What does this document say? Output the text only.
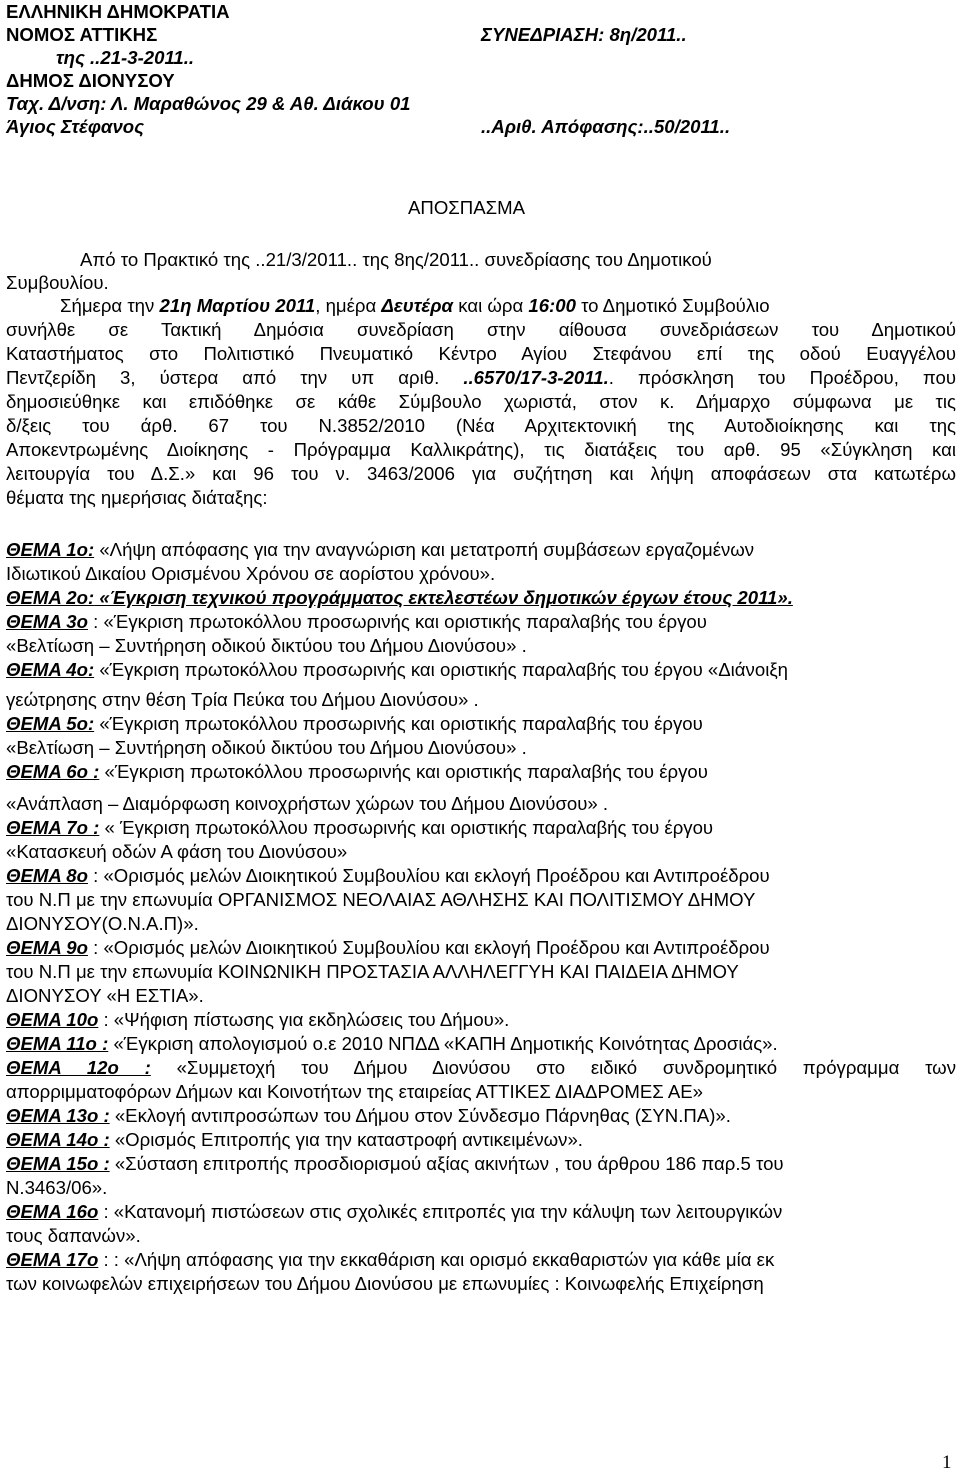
ΕΛΛΗΝΙΚΗ ΔΗΜΟΚΡΑΤΙΑ
ΝΟΜΟΣ ΑΤΤΙΚΗΣ	ΣΥΝΕΔΡΙΑΣΗ: 8η/2011..
της ..21-3-2011..
ΔΗΜΟΣ ΔΙΟΝΥΣΟΥ
Ταχ. Δ/νση: Λ. Μαραθώνος 29 & Αθ. Διάκου 01
Άγιος Στέφανος	..Αριθ. Απόφασης:..50/2011..
ΑΠΟΣΠΑΣΜΑ
Από το Πρακτικό της ..21/3/2011.. της 8ης/2011.. συνεδρίασης του Δημοτικού
Συμβουλίου.
Σήμερα την 21η Μαρτίου 2011, ημέρα Δευτέρα και ώρα 16:00 το Δημοτικό Συμβούλιο
συνήλθε σε Τακτική Δημόσια συνεδρίαση στην αίθουσα συνεδριάσεων του Δημοτικού
Καταστήματος στο Πολιτιστικό Πνευματικό Κέντρο Αγίου Στεφάνου επί της οδού Ευαγγέλου
Πεντζερίδη 3, ύστερα από την υπ αριθ. ..6570/17-3-2011.. πρόσκληση του Προέδρου, που
δημοσιεύθηκε και επιδόθηκε σε κάθε Σύμβουλο χωριστά, στον κ. Δήμαρχο σύμφωνα με τις
δ/ξεις του άρθ. 67 του Ν.3852/2010 (Νέα Αρχιτεκτονική της Αυτοδιοίκησης και της
Αποκεντρωμένης Διοίκησης - Πρόγραμμα Καλλικράτης), τις διατάξεις του αρθ. 95 «Σύγκληση και
λειτουργία του Δ.Σ.» και 96 του ν. 3463/2006 για συζήτηση και λήψη αποφάσεων στα κατωτέρω
θέματα της ημερήσιας διάταξης:
ΘΕΜΑ 1ο: «Λήψη απόφασης για την αναγνώριση και μετατροπή συμβάσεων εργαζομένων
Ιδιωτικού Δικαίου Ορισμένου Χρόνου σε αορίστου χρόνου».
ΘΕΜΑ 2ο: «Έγκριση τεχνικού προγράμματος εκτελεστέων δημοτικών έργων έτους 2011».
ΘΕΜΑ 3ο : «Έγκριση πρωτοκόλλου προσωρινής και οριστικής παραλαβής του έργου
«Βελτίωση – Συντήρηση οδικού δικτύου του Δήμου Διονύσου» .
ΘΕΜΑ 4ο: «Έγκριση πρωτοκόλλου προσωρινής και οριστικής παραλαβής του έργου «Διάνοιξη
γεώτρησης στην θέση Τρία Πεύκα του Δήμου Διονύσου» .
ΘΕΜΑ 5ο: «Έγκριση πρωτοκόλλου προσωρινής και οριστικής παραλαβής του έργου
«Βελτίωση – Συντήρηση οδικού δικτύου του Δήμου Διονύσου» .
ΘΕΜΑ 6ο : «Έγκριση πρωτοκόλλου προσωρινής και οριστικής παραλαβής του έργου
«Ανάπλαση – Διαμόρφωση κοινοχρήστων χώρων του Δήμου Διονύσου» .
ΘΕΜΑ 7ο : « Έγκριση πρωτοκόλλου προσωρινής και οριστικής παραλαβής του έργου
«Κατασκευή οδών Α φάση του Διονύσου»
ΘΕΜΑ 8ο : «Ορισμός μελών Διοικητικού Συμβουλίου και εκλογή Προέδρου και Αντιπροέδρου
του Ν.Π με την επωνυμία ΟΡΓΑΝΙΣΜΟΣ ΝΕΟΛΑΙΑΣ ΑΘΛΗΣΗΣ ΚΑΙ ΠΟΛΙΤΙΣΜΟΥ ΔΗΜΟΥ
ΔΙΟΝΥΣΟΥ(Ο.Ν.Α.Π)».
ΘΕΜΑ 9ο : «Ορισμός μελών Διοικητικού Συμβουλίου και εκλογή Προέδρου και Αντιπροέδρου
του Ν.Π με την επωνυμία ΚΟΙΝΩΝΙΚΗ ΠΡΟΣΤΑΣΙΑ ΑΛΛΗΛΕΓΓΥΗ ΚΑΙ ΠΑΙΔΕΙΑ ΔΗΜΟΥ
ΔΙΟΝΥΣΟΥ «Η ΕΣΤΙΑ».
ΘΕΜΑ 10ο : «Ψήφιση πίστωσης για εκδηλώσεις του Δήμου».
ΘΕΜΑ 11ο : «Έγκριση απολογισμού ο.ε 2010 ΝΠΔΔ «ΚΑΠΗ Δημοτικής Κοινότητας Δροσιάς».
ΘΕΜΑ 12ο : «Συμμετοχή του Δήμου Διονύσου στο ειδικό συνδρομητικό πρόγραμμα των
απορριμματοφόρων Δήμων και Κοινοτήτων της εταιρείας ΑΤΤΙΚΕΣ ΔΙΑΔΡΟΜΕΣ ΑΕ»
ΘΕΜΑ 13ο : «Εκλογή αντιπροσώπων του Δήμου στον Σύνδεσμο Πάρνηθας (ΣΥΝ.ΠΑ)».
ΘΕΜΑ 14ο : «Ορισμός Επιτροπής για την καταστροφή αντικειμένων».
ΘΕΜΑ 15ο : «Σύσταση επιτροπής προσδιορισμού αξίας ακινήτων , του άρθρου 186 παρ.5 του
Ν.3463/06».
ΘΕΜΑ 16ο : «Κατανομή πιστώσεων στις σχολικές επιτροπές για την κάλυψη των λειτουργικών
τους δαπανών».
ΘΕΜΑ 17ο : : «Λήψη απόφασης για την εκκαθάριση και ορισμό εκκαθαριστών για κάθε μία εκ
των κοινωφελών επιχειρήσεων του Δήμου Διονύσου με επωνυμίες : Κοινωφελής Επιχείρηση
1
